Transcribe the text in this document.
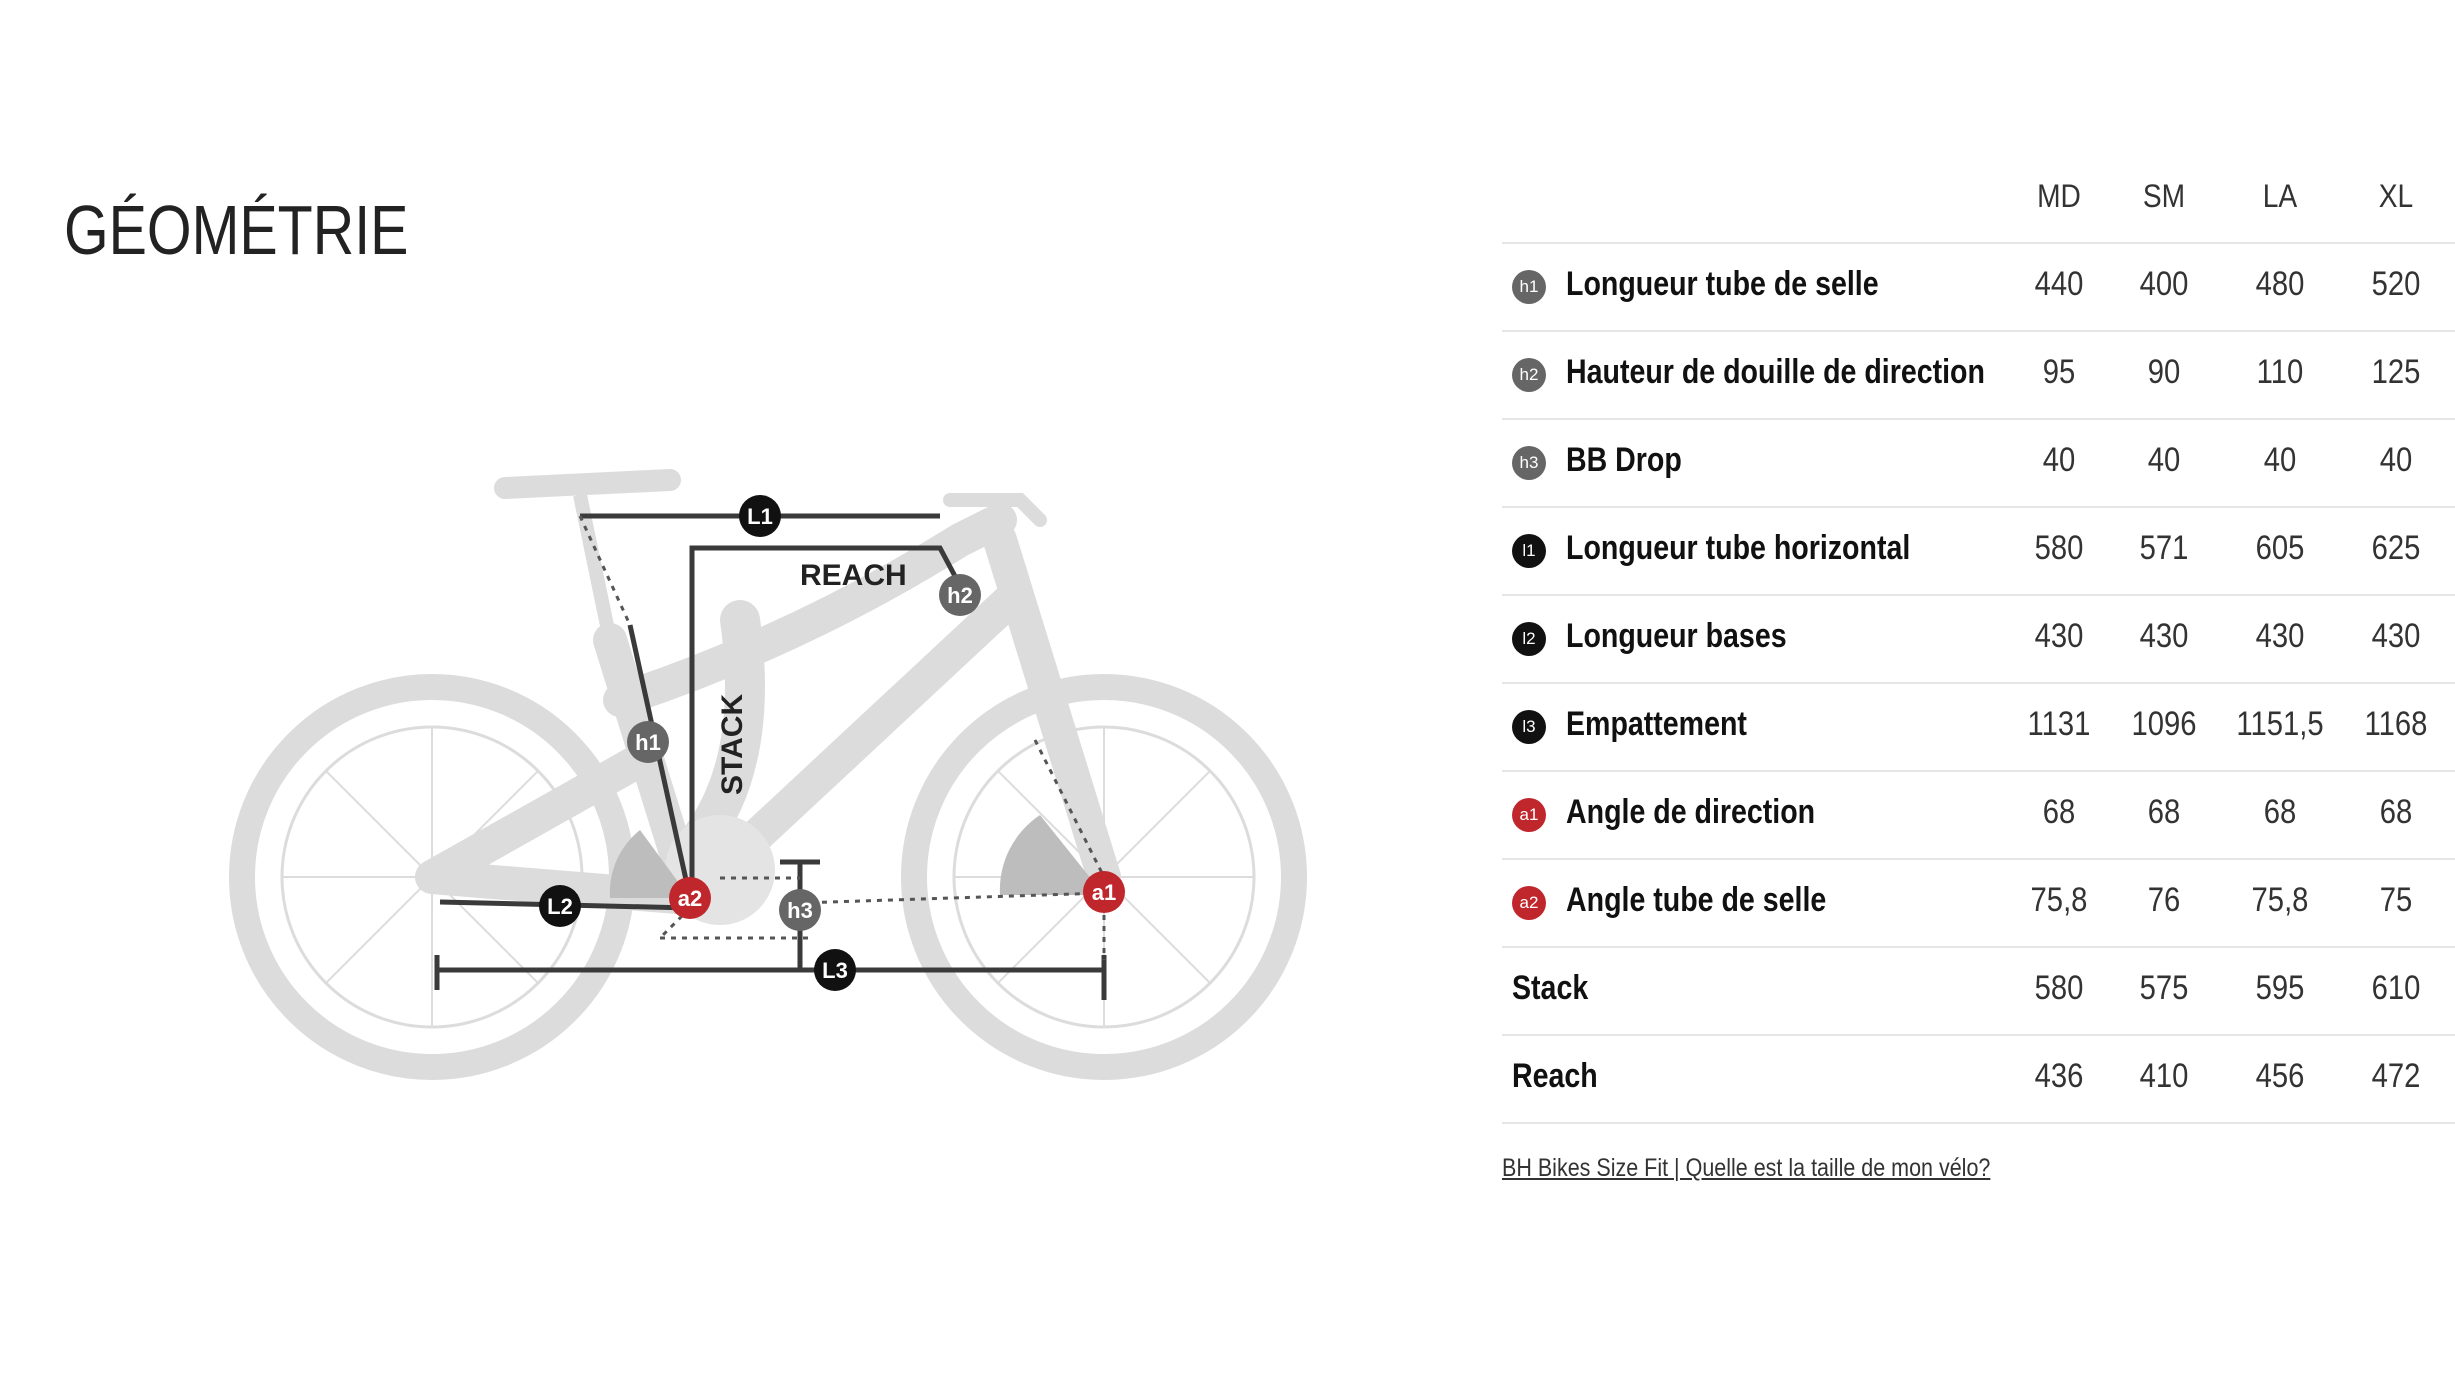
GÉOMÉTRIE
REACH
STACK
L1
L2
L3
h1
h2
h3
a1
a2
MD	SM	LA	XL
h1 Longueur tube de selle	440	400	480	520
h2 Hauteur de douille de direction	95	90	110	125
h3 BB Drop	40	40	40	40
l1 Longueur tube horizontal	580	571	605	625
l2 Longueur bases	430	430	430	430
l3 Empattement	1131	1096	1151,5	1168
a1 Angle de direction	68	68	68	68
a2 Angle tube de selle	75,8	76	75,8	75
Stack	580	575	595	610
Reach	436	410	456	472
BH Bikes Size Fit | Quelle est la taille de mon vélo?
